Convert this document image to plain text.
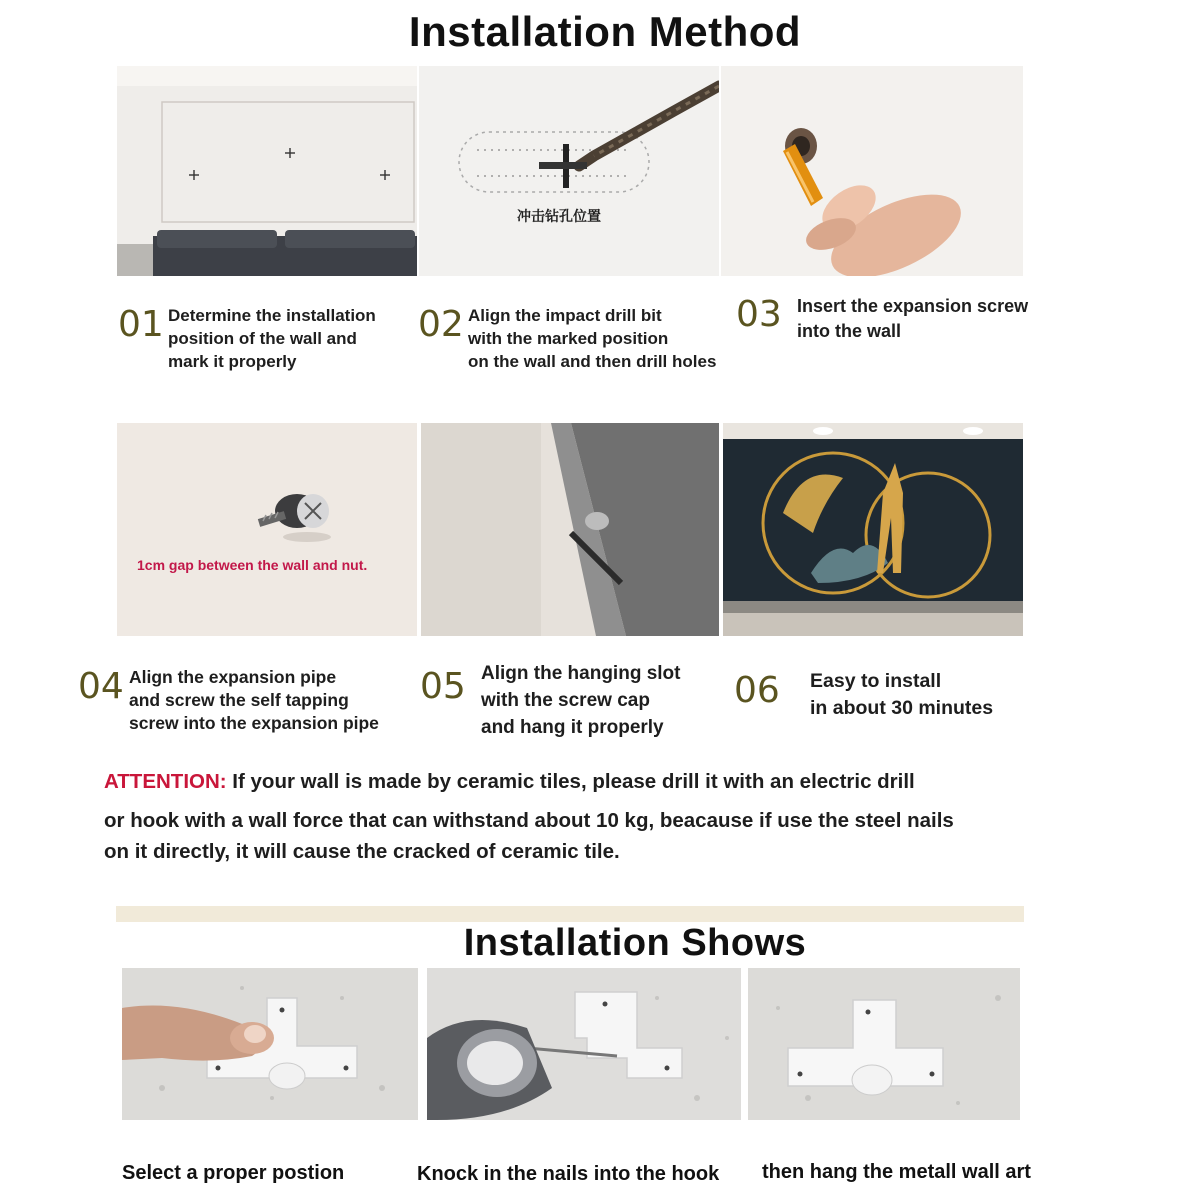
Installation Method
冲击钻孔位置
01 Determine the installation
position of the wall and
mark it properly
02 Align the impact drill bit
with the marked position
on the wall and then drill holes
03 Insert the expansion screw
into the wall
1cm gap between the wall and nut.
04 Align the expansion pipe
and screw the self tapping
screw into the expansion pipe
05 Align the hanging slot
with the screw cap
and hang it properly
06 Easy to install
in about 30 minutes
ATTENTION: If your wall is made by ceramic tiles, please drill it with an electric drill
or hook with a wall force that can withstand about 10 kg, beacause if use the steel nails
on it directly, it will cause the cracked of ceramic tile.
Installation Shows
Select a proper postion	Knock in the nails into the hook then hang the metall wall art
